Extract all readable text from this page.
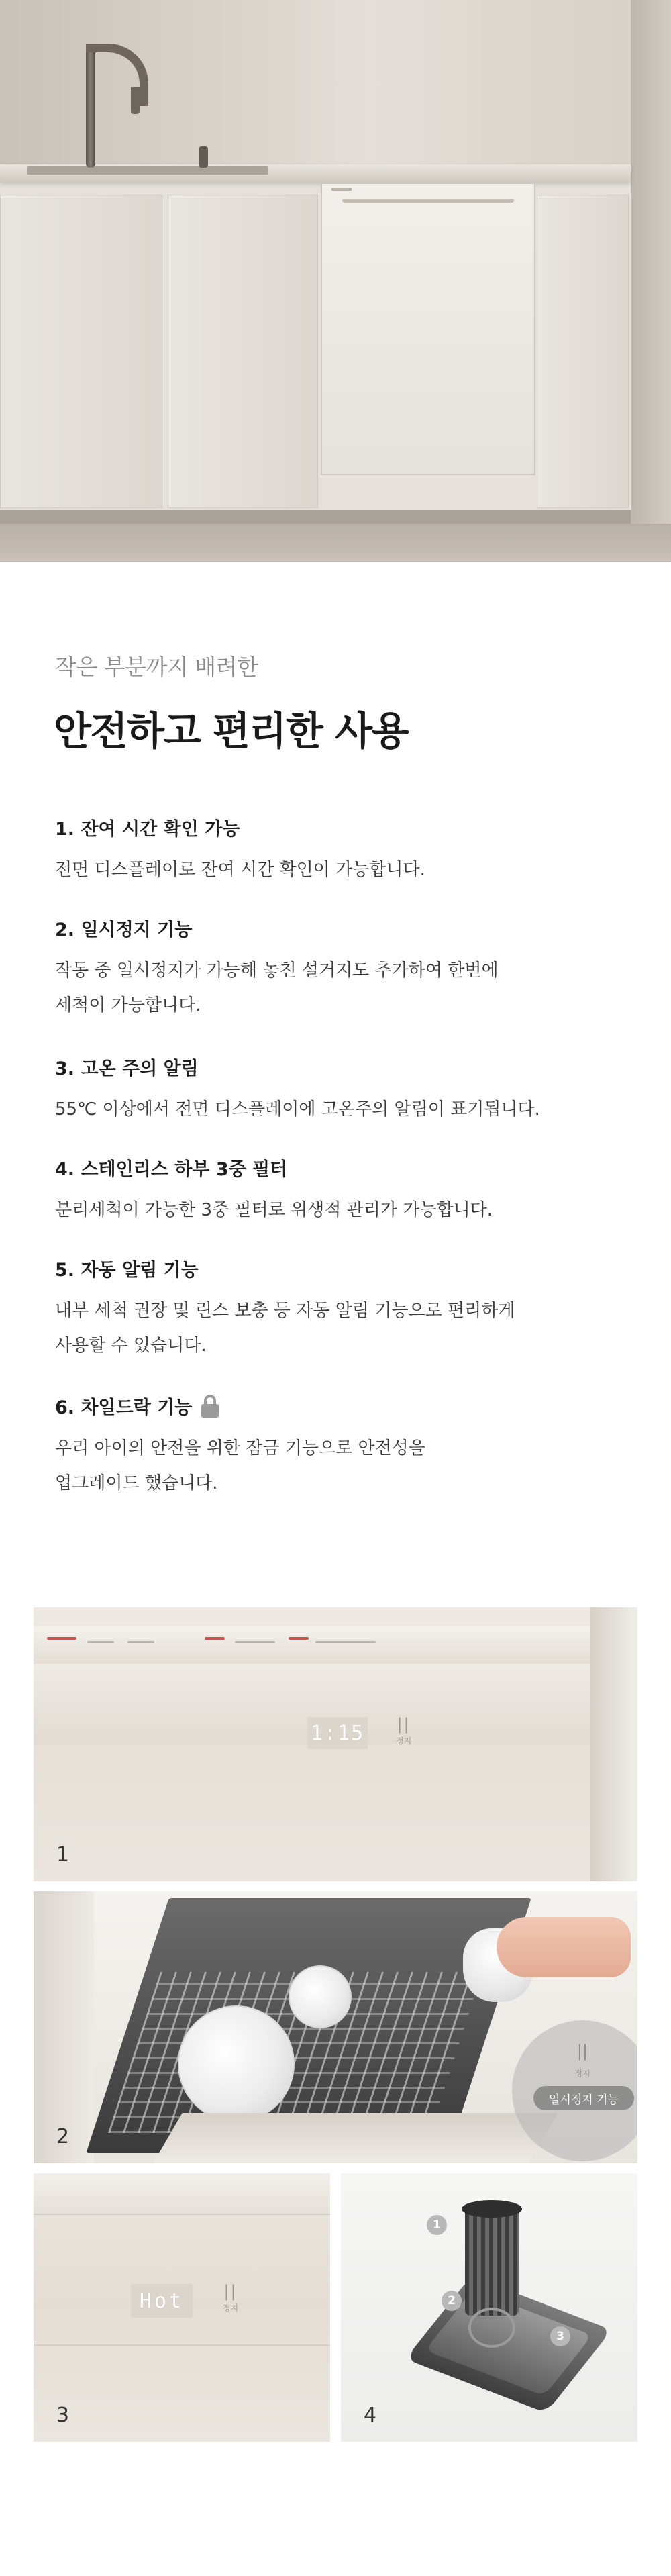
작은 부분까지 배려한
안전하고 편리한 사용
1. 잔여 시간 확인 가능
전면 디스플레이로 잔여 시간 확인이 가능합니다.
2. 일시정지 기능
작동 중 일시정지가 가능해 놓친 설거지도 추가하여 한번에
세척이 가능합니다.
3. 고온 주의 알림
55℃ 이상에서 전면 디스플레이에 고온주의 알림이 표기됩니다.
4. 스테인리스 하부 3중 필터
분리세척이 가능한 3중 필터로 위생적 관리가 가능합니다.
5. 자동 알림 기능
내부 세척 권장 및 린스 보충 등 자동 알림 기능으로 편리하게
사용할 수 있습니다.
6. 차일드락 기능
우리 아이의 안전을 위한 잠금 기능으로 안전성을
업그레이드 했습니다.
1:15 ||
정지
1
||
정지
일시정지 기능
2
Hot	||
정지
3
1
2
3
4
